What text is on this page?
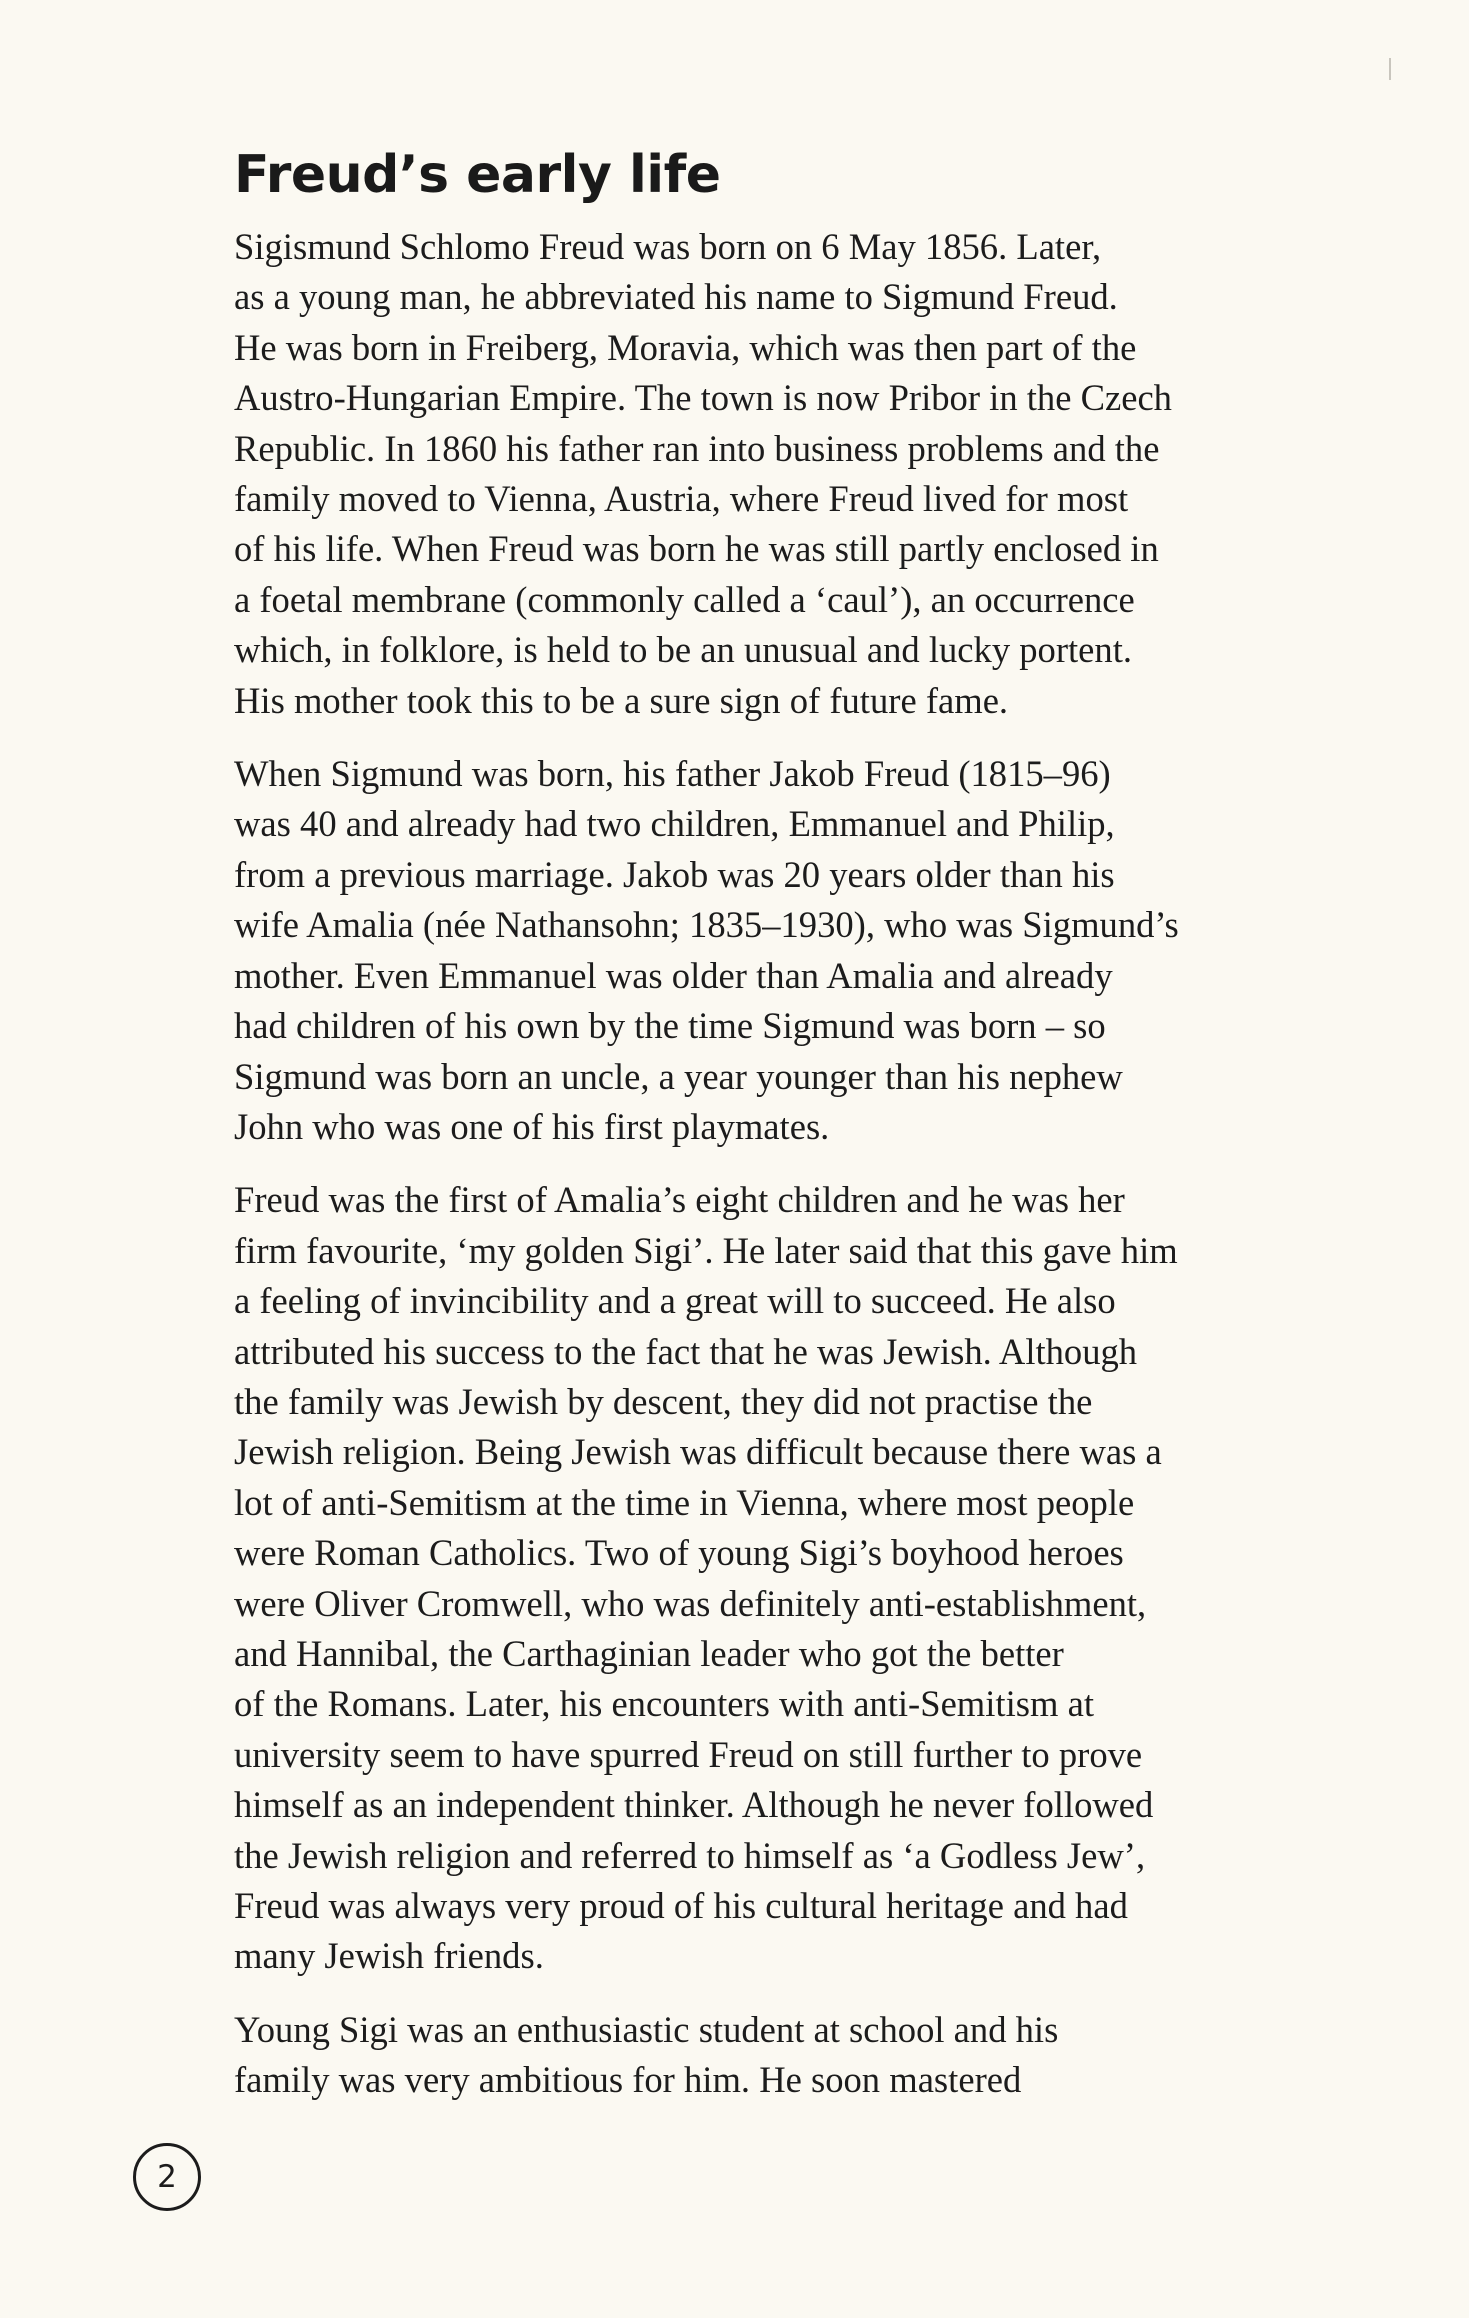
Freud’s early life

Sigismund Schlomo Freud was born on 6 May 1856. Later,
as a young man, he abbreviated his name to Sigmund Freud.
He was born in Freiberg, Moravia, which was then part of the
Austro-Hungarian Empire. The town is now Pribor in the Czech
Republic. In 1860 his father ran into business problems and the
family moved to Vienna, Austria, where Freud lived for most
of his life. When Freud was born he was still partly enclosed in
a foetal membrane (commonly called a ‘caul’), an occurrence
which, in folklore, is held to be an unusual and lucky portent.
His mother took this to be a sure sign of future fame.

When Sigmund was born, his father Jakob Freud (1815–96)
was 40 and already had two children, Emmanuel and Philip,
from a previous marriage. Jakob was 20 years older than his
wife Amalia (née Nathansohn; 1835–1930), who was Sigmund’s
mother. Even Emmanuel was older than Amalia and already
had children of his own by the time Sigmund was born – so
Sigmund was born an uncle, a year younger than his nephew
John who was one of his first playmates.

Freud was the first of Amalia’s eight children and he was her
firm favourite, ‘my golden Sigi’. He later said that this gave him
a feeling of invincibility and a great will to succeed. He also
attributed his success to the fact that he was Jewish. Although
the family was Jewish by descent, they did not practise the
Jewish religion. Being Jewish was difficult because there was a
lot of anti-Semitism at the time in Vienna, where most people
were Roman Catholics. Two of young Sigi’s boyhood heroes
were Oliver Cromwell, who was definitely anti-establishment,
and Hannibal, the Carthaginian leader who got the better
of the Romans. Later, his encounters with anti-Semitism at
university seem to have spurred Freud on still further to prove
himself as an independent thinker. Although he never followed
the Jewish religion and referred to himself as ‘a Godless Jew’,
Freud was always very proud of his cultural heritage and had
many Jewish friends.

Young Sigi was an enthusiastic student at school and his
family was very ambitious for him. He soon mastered

2
